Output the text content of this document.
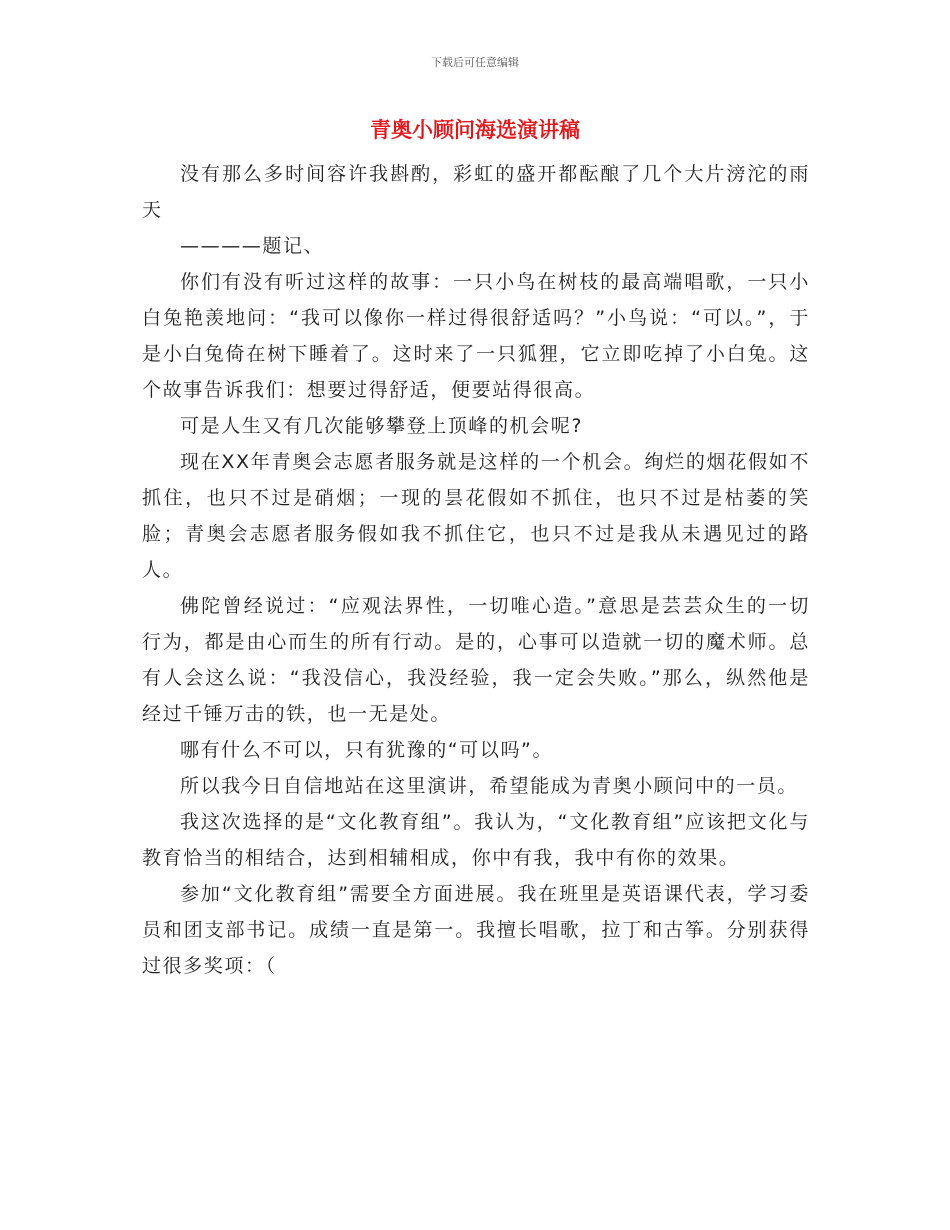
下载后可任意编辑
青奥小顾问海选演讲稿

没有那么多时间容许我斟酌，彩虹的盛开都酝酿了几个大片滂沱的雨天

————题记、

你们有没有听过这样的故事：一只小鸟在树枝的最高端唱歌，一只小白兔艳羡地问：“我可以像你一样过得很舒适吗？”小鸟说：“可以。”，于是小白兔倚在树下睡着了。这时来了一只狐狸，它立即吃掉了小白兔。这个故事告诉我们：想要过得舒适，便要站得很高。

可是人生又有几次能够攀登上顶峰的机会呢?

现在XX年青奥会志愿者服务就是这样的一个机会。绚烂的烟花假如不抓住，也只不过是硝烟；一现的昙花假如不抓住，也只不过是枯萎的笑脸；青奥会志愿者服务假如我不抓住它，也只不过是我从未遇见过的路人。

佛陀曾经说过：“应观法界性，一切唯心造。”意思是芸芸众生的一切行为，都是由心而生的所有行动。是的，心事可以造就一切的魔术师。总有人会这么说：“我没信心，我没经验，我一定会失败。”那么，纵然他是经过千锤万击的铁，也一无是处。

哪有什么不可以，只有犹豫的“可以吗”。

所以我今日自信地站在这里演讲，希望能成为青奥小顾问中的一员。

我这次选择的是“文化教育组”。我认为，“文化教育组”应该把文化与教育恰当的相结合，达到相辅相成，你中有我，我中有你的效果。

参加“文化教育组”需要全方面进展。我在班里是英语课代表，学习委员和团支部书记。成绩一直是第一。我擅长唱歌，拉丁和古筝。分别获得过很多奖项：（
